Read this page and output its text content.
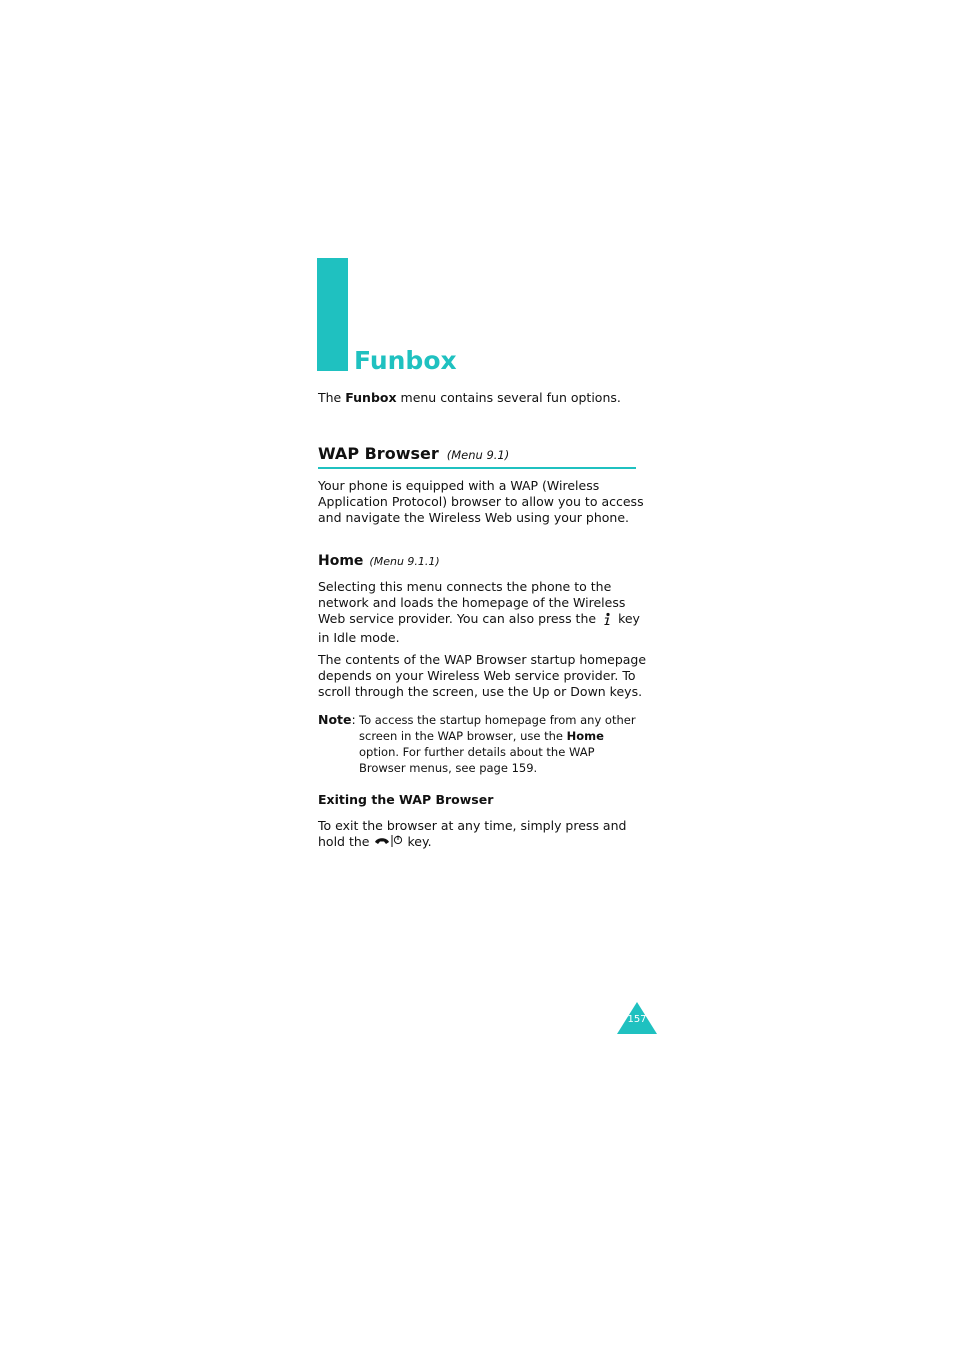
Funbox
The Funbox menu contains several fun options.
WAP Browser (Menu 9.1)
Your phone is equipped with a WAP (Wireless
Application Protocol) browser to allow you to access
and navigate the Wireless Web using your phone.
Home (Menu 9.1.1)
Selecting this menu connects the phone to the
network and loads the homepage of the Wireless
Web service provider. You can also press the key
in Idle mode.
The contents of the WAP Browser startup homepage
depends on your Wireless Web service provider. To
scroll through the screen, use the Up or Down keys.
Note: To access the startup homepage from any other
screen in the WAP browser, use the Home
option. For further details about the WAP
Browser menus, see page 159.
Exiting the WAP Browser
To exit the browser at any time, simply press and
hold the	key.
157
